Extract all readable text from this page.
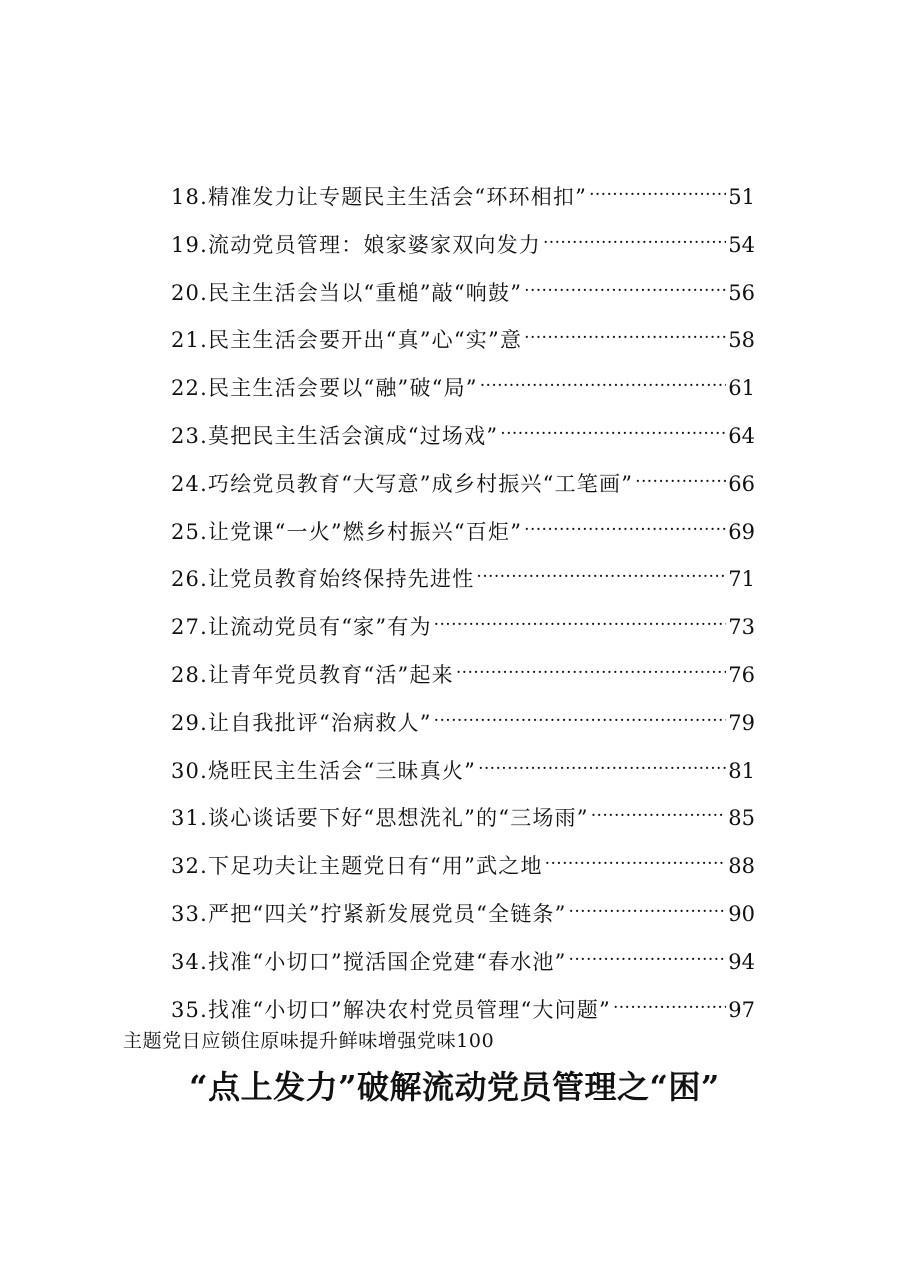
18.精准发力让专题民主生活会“环环相扣” .....	51
19.流动党员管理：娘家婆家双向发力 .....	54
20.民主生活会当以“重槌”敲“响鼓” .....	56
21.民主生活会要开出“真”心“实”意 .....	58
22.民主生活会要以“融”破“局” .....	61
23.莫把民主生活会演成“过场戏” .....	64
24.巧绘党员教育“大写意”成乡村振兴“工笔画” .....	66
25.让党课“一火”燃乡村振兴“百炬” .....	69
26.让党员教育始终保持先进性 .....	71
27.让流动党员有“家”有为 .....	73
28.让青年党员教育“活”起来 .....	76
29.让自我批评“治病救人” .....	79
30.烧旺民主生活会“三昧真火” .....	81
31.谈心谈话要下好“思想洗礼”的“三场雨” .....	85
32.下足功夫让主题党日有“用”武之地 .....	88
33.严把“四关”拧紧新发展党员“全链条” .....	90
34.找准“小切口”搅活国企党建“春水池” .....	94
35.找准“小切口”解决农村党员管理“大问题” .....	97
主题党日应锁住原味提升鲜味增强党味100
“点上发力”破解流动党员管理之“困”
